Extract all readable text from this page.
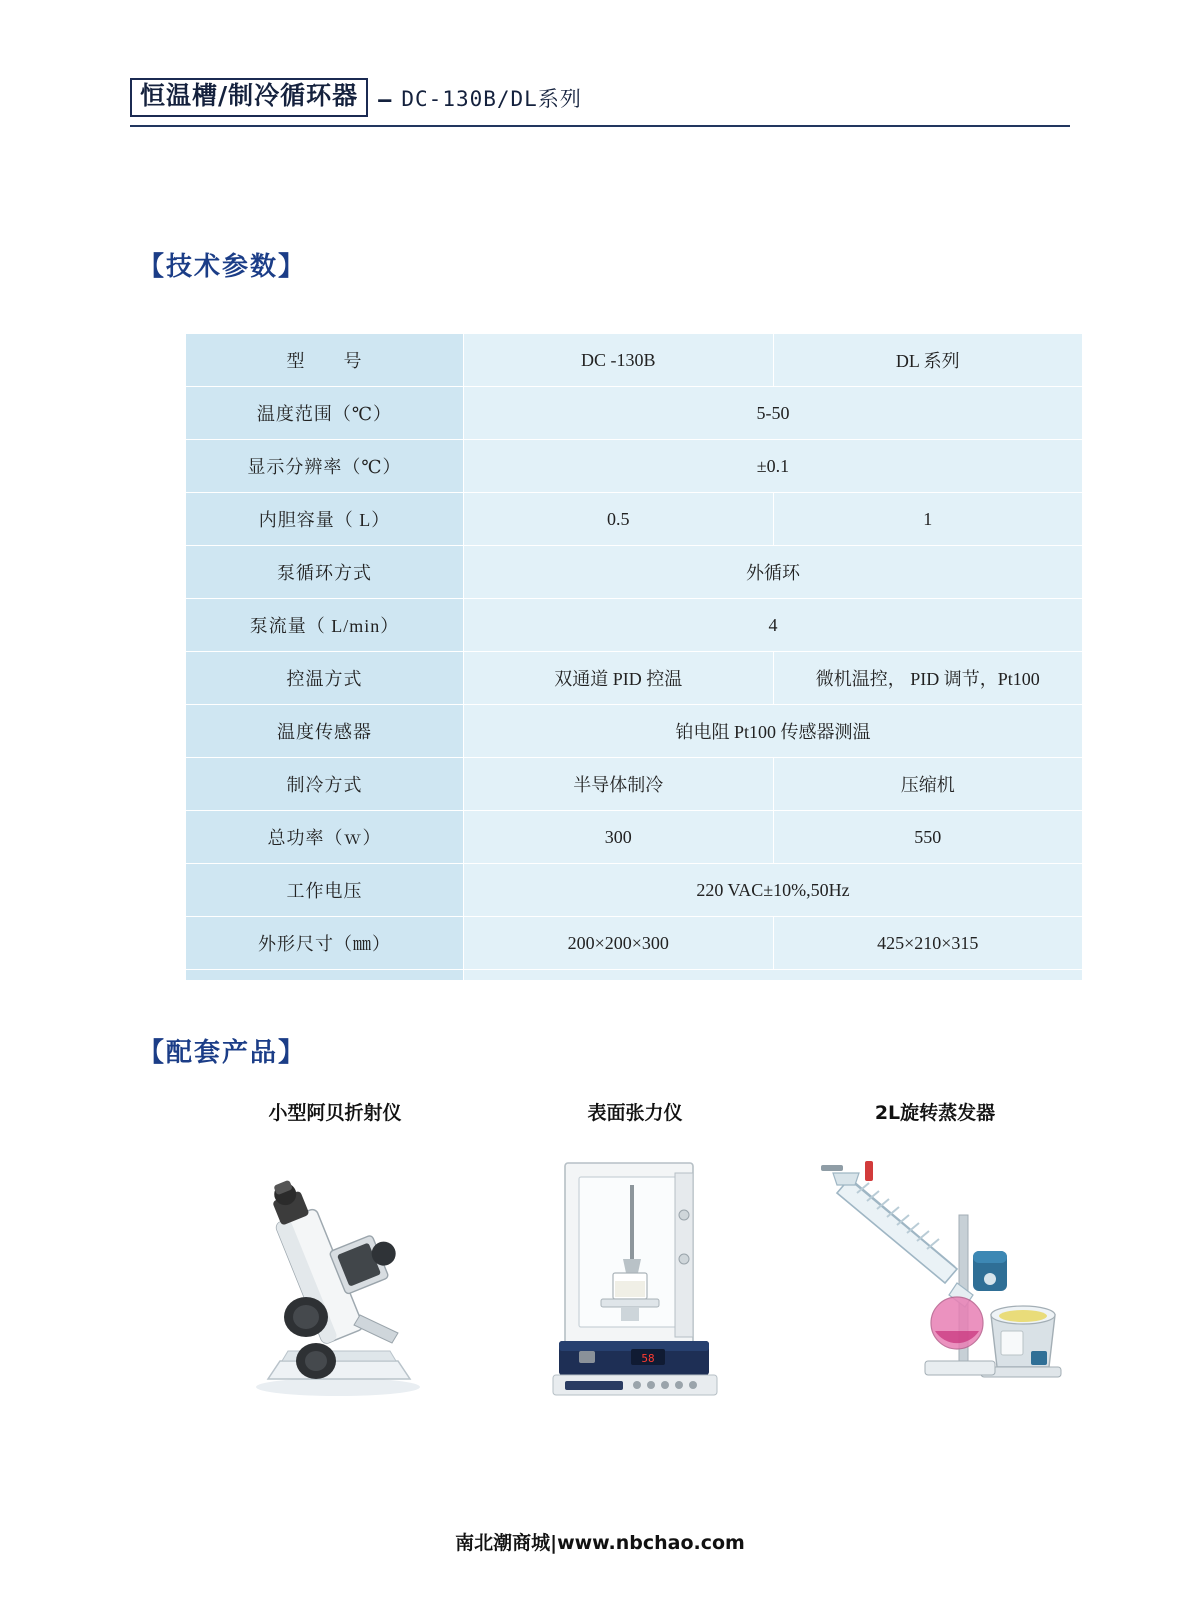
恒温槽/制冷循环器 — DC-130B/DL系列
【技术参数】
型　　号	DC -130B	DL 系列
温度范围（℃）	5-50	
显示分辨率（℃）	±0.1	
内胆容量（ L）	0.5	1
泵循环方式	外循环	
泵流量（ L/min）	4	
控温方式	双通道 PID 控温	微机温控， PID 调节，Pt100
温度传感器	铂电阻 Pt100 传感器测温	
制冷方式	半导体制冷	压缩机
总功率（ｗ）	300	550
工作电压	220 VAC±10%,50Hz	
外形尺寸（㎜）	200×200×300	425×210×315

【配套产品】
小型阿贝折射仪	表面张力仪
58
2L旋转蒸发器
南北潮商城|www.nbchao.com
